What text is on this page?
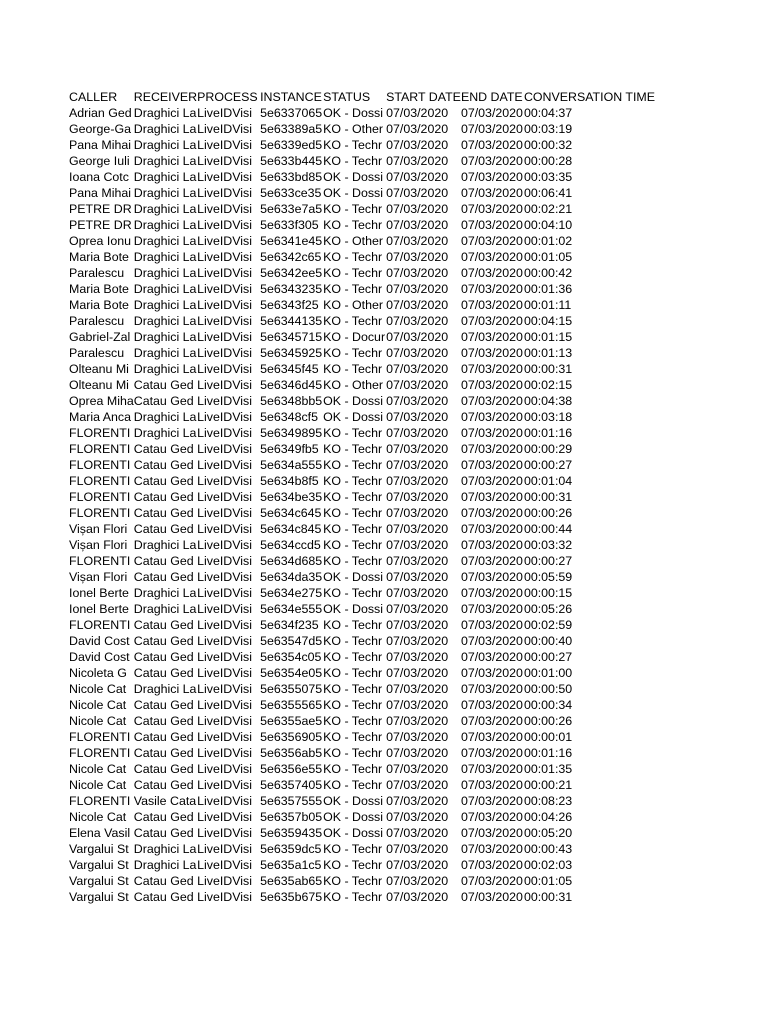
CALLER	RECEIVER	PROCESS	INSTANCE	STATUS	START DATE	END DATE	CONVERSATION TIME
Adrian Ged	Draghici La	LiveIDVisi	5e6337065	OK - Dossi	07/03/2020	07/03/2020	00:04:37
George-Ga	Draghici La	LiveIDVisi	5e63389a5	KO - Other	07/03/2020	07/03/2020	00:03:19
Pana Mihai	Draghici La	LiveIDVisi	5e6339ed5	KO - Techr	07/03/2020	07/03/2020	00:00:32
George Iuli	Draghici La	LiveIDVisi	5e633b445	KO - Techr	07/03/2020	07/03/2020	00:00:28
Ioana Cotc	Draghici La	LiveIDVisi	5e633bd85	OK - Dossi	07/03/2020	07/03/2020	00:03:35
Pana Mihai	Draghici La	LiveIDVisi	5e633ce35	OK - Dossi	07/03/2020	07/03/2020	00:06:41
PETRE DR	Draghici La	LiveIDVisi	5e633e7a5	KO - Techr	07/03/2020	07/03/2020	00:02:21
PETRE DR	Draghici La	LiveIDVisi	5e633f305	KO - Techr	07/03/2020	07/03/2020	00:04:10
Oprea Ionu	Draghici La	LiveIDVisi	5e6341e45	KO - Other	07/03/2020	07/03/2020	00:01:02
Maria Bote	Draghici La	LiveIDVisi	5e6342c65	KO - Techr	07/03/2020	07/03/2020	00:01:05
Paralescu	Draghici La	LiveIDVisi	5e6342ee5	KO - Techr	07/03/2020	07/03/2020	00:00:42
Maria Bote	Draghici La	LiveIDVisi	5e6343235	KO - Techr	07/03/2020	07/03/2020	00:01:36
Maria Bote	Draghici La	LiveIDVisi	5e6343f25	KO - Other	07/03/2020	07/03/2020	00:01:11
Paralescu	Draghici La	LiveIDVisi	5e6344135	KO - Techr	07/03/2020	07/03/2020	00:04:15
Gabriel-Zal	Draghici La	LiveIDVisi	5e6345715	KO - Docur	07/03/2020	07/03/2020	00:01:15
Paralescu	Draghici La	LiveIDVisi	5e6345925	KO - Techr	07/03/2020	07/03/2020	00:01:13
Olteanu Mi	Draghici La	LiveIDVisi	5e6345f45	KO - Techr	07/03/2020	07/03/2020	00:00:31
Olteanu Mi	Catau Ged	LiveIDVisi	5e6346d45	KO - Other	07/03/2020	07/03/2020	00:02:15
Oprea Miha	Catau Ged	LiveIDVisi	5e6348bb5	OK - Dossi	07/03/2020	07/03/2020	00:04:38
Maria Anca	Draghici La	LiveIDVisi	5e6348cf5	OK - Dossi	07/03/2020	07/03/2020	00:03:18
FLORENTI	Draghici La	LiveIDVisi	5e6349895	KO - Techr	07/03/2020	07/03/2020	00:01:16
FLORENTI	Catau Ged	LiveIDVisi	5e6349fb5	KO - Techr	07/03/2020	07/03/2020	00:00:29
FLORENTI	Catau Ged	LiveIDVisi	5e634a555	KO - Techr	07/03/2020	07/03/2020	00:00:27
FLORENTI	Catau Ged	LiveIDVisi	5e634b8f5	KO - Techr	07/03/2020	07/03/2020	00:01:04
FLORENTI	Catau Ged	LiveIDVisi	5e634be35	KO - Techr	07/03/2020	07/03/2020	00:00:31
FLORENTI	Catau Ged	LiveIDVisi	5e634c645	KO - Techr	07/03/2020	07/03/2020	00:00:26
Vișan Flori	Catau Ged	LiveIDVisi	5e634c845	KO - Techr	07/03/2020	07/03/2020	00:00:44
Vișan Flori	Draghici La	LiveIDVisi	5e634ccd5	KO - Techr	07/03/2020	07/03/2020	00:03:32
FLORENTI	Catau Ged	LiveIDVisi	5e634d685	KO - Techr	07/03/2020	07/03/2020	00:00:27
Vișan Flori	Catau Ged	LiveIDVisi	5e634da35	OK - Dossi	07/03/2020	07/03/2020	00:05:59
Ionel Berte	Draghici La	LiveIDVisi	5e634e275	KO - Techr	07/03/2020	07/03/2020	00:00:15
Ionel Berte	Draghici La	LiveIDVisi	5e634e555	OK - Dossi	07/03/2020	07/03/2020	00:05:26
FLORENTI	Catau Ged	LiveIDVisi	5e634f235	KO - Techr	07/03/2020	07/03/2020	00:02:59
David Cost	Catau Ged	LiveIDVisi	5e63547d5	KO - Techr	07/03/2020	07/03/2020	00:00:40
David Cost	Catau Ged	LiveIDVisi	5e6354c05	KO - Techr	07/03/2020	07/03/2020	00:00:27
Nicoleta G	Catau Ged	LiveIDVisi	5e6354e05	KO - Techr	07/03/2020	07/03/2020	00:01:00
Nicole Cat	Draghici La	LiveIDVisi	5e6355075	KO - Techr	07/03/2020	07/03/2020	00:00:50
Nicole Cat	Catau Ged	LiveIDVisi	5e6355565	KO - Techr	07/03/2020	07/03/2020	00:00:34
Nicole Cat	Catau Ged	LiveIDVisi	5e6355ae5	KO - Techr	07/03/2020	07/03/2020	00:00:26
FLORENTI	Catau Ged	LiveIDVisi	5e6356905	KO - Techr	07/03/2020	07/03/2020	00:00:01
FLORENTI	Catau Ged	LiveIDVisi	5e6356ab5	KO - Techr	07/03/2020	07/03/2020	00:01:16
Nicole Cat	Catau Ged	LiveIDVisi	5e6356e55	KO - Techr	07/03/2020	07/03/2020	00:01:35
Nicole Cat	Catau Ged	LiveIDVisi	5e6357405	KO - Techr	07/03/2020	07/03/2020	00:00:21
FLORENTI	Vasile Cata	LiveIDVisi	5e6357555	OK - Dossi	07/03/2020	07/03/2020	00:08:23
Nicole Cat	Catau Ged	LiveIDVisi	5e6357b05	OK - Dossi	07/03/2020	07/03/2020	00:04:26
Elena Vasil	Catau Ged	LiveIDVisi	5e6359435	OK - Dossi	07/03/2020	07/03/2020	00:05:20
Vargalui St	Draghici La	LiveIDVisi	5e6359dc5	KO - Techr	07/03/2020	07/03/2020	00:00:43
Vargalui St	Draghici La	LiveIDVisi	5e635a1c5	KO - Techr	07/03/2020	07/03/2020	00:02:03
Vargalui St	Catau Ged	LiveIDVisi	5e635ab65	KO - Techr	07/03/2020	07/03/2020	00:01:05
Vargalui St	Catau Ged	LiveIDVisi	5e635b675	KO - Techr	07/03/2020	07/03/2020	00:00:31
